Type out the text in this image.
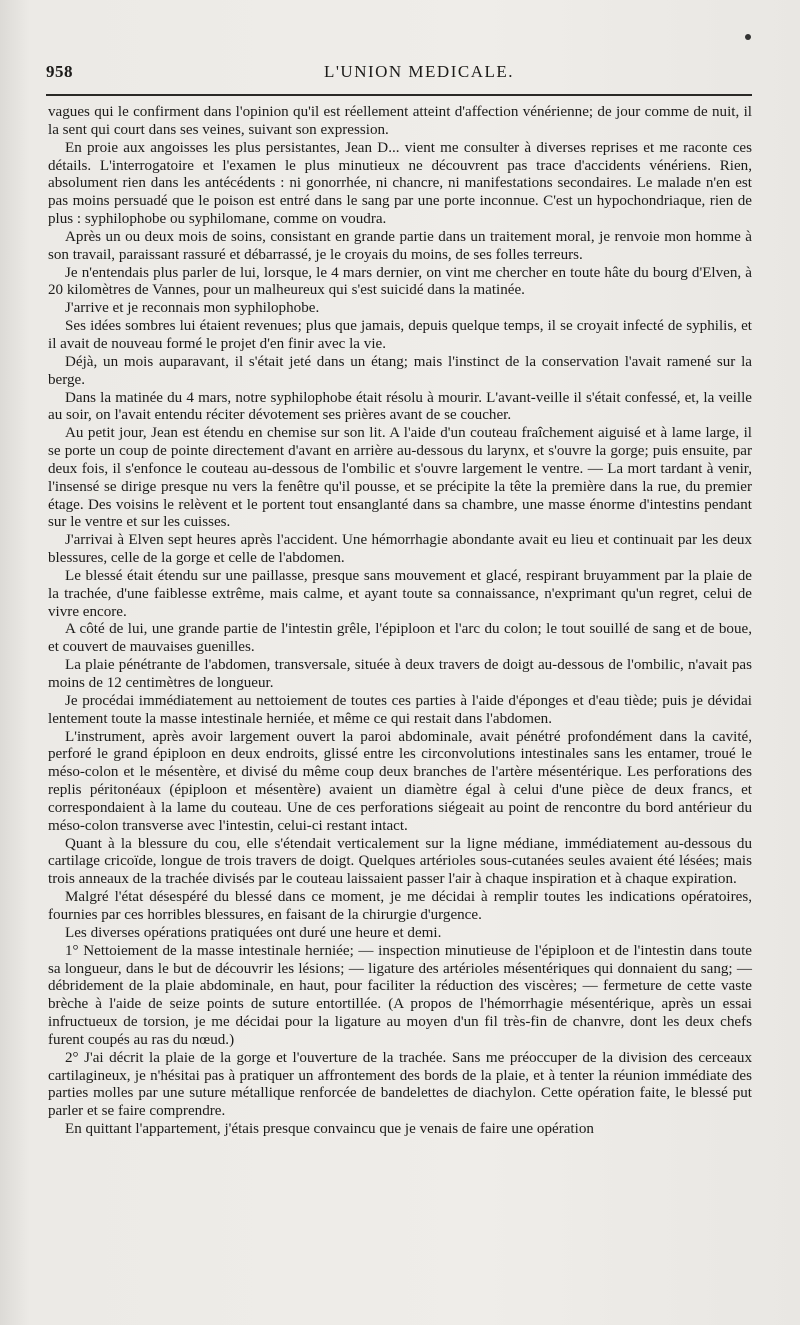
958	L'UNION MEDICALE.

vagues qui le confirment dans l'opinion qu'il est réellement atteint d'affection vénérienne; de jour comme de nuit, il la sent qui court dans ses veines, suivant son expression.

En proie aux angoisses les plus persistantes, Jean D... vient me consulter à diverses reprises et me raconte ces détails. L'interrogatoire et l'examen le plus minutieux ne découvrent pas trace d'accidents vénériens. Rien, absolument rien dans les antécédents : ni gonorrhée, ni chancre, ni manifestations secondaires. Le malade n'en est pas moins persuadé que le poison est entré dans le sang par une porte inconnue. C'est un hypochondriaque, rien de plus : syphilophobe ou syphilomane, comme on voudra.

Après un ou deux mois de soins, consistant en grande partie dans un traitement moral, je renvoie mon homme à son travail, paraissant rassuré et débarrassé, je le croyais du moins, de ses folles terreurs.

Je n'entendais plus parler de lui, lorsque, le 4 mars dernier, on vint me chercher en toute hâte du bourg d'Elven, à 20 kilomètres de Vannes, pour un malheureux qui s'est suicidé dans la matinée.

J'arrive et je reconnais mon syphilophobe.

Ses idées sombres lui étaient revenues; plus que jamais, depuis quelque temps, il se croyait infecté de syphilis, et il avait de nouveau formé le projet d'en finir avec la vie.

Déjà, un mois auparavant, il s'était jeté dans un étang; mais l'instinct de la conservation l'avait ramené sur la berge.

Dans la matinée du 4 mars, notre syphilophobe était résolu à mourir. L'avant-veille il s'était confessé, et, la veille au soir, on l'avait entendu réciter dévotement ses prières avant de se coucher.

Au petit jour, Jean est étendu en chemise sur son lit. A l'aide d'un couteau fraîchement aiguisé et à lame large, il se porte un coup de pointe directement d'avant en arrière au-dessous du larynx, et s'ouvre la gorge; puis ensuite, par deux fois, il s'enfonce le couteau au-dessous de l'ombilic et s'ouvre largement le ventre. — La mort tardant à venir, l'insensé se dirige presque nu vers la fenêtre qu'il pousse, et se précipite la tête la première dans la rue, du premier étage. Des voisins le relèvent et le portent tout ensanglanté dans sa chambre, une masse énorme d'intestins pendant sur le ventre et sur les cuisses.

J'arrivai à Elven sept heures après l'accident. Une hémorrhagie abondante avait eu lieu et continuait par les deux blessures, celle de la gorge et celle de l'abdomen.

Le blessé était étendu sur une paillasse, presque sans mouvement et glacé, respirant bruyamment par la plaie de la trachée, d'une faiblesse extrême, mais calme, et ayant toute sa connaissance, n'exprimant qu'un regret, celui de vivre encore.

A côté de lui, une grande partie de l'intestin grêle, l'épiploon et l'arc du colon; le tout souillé de sang et de boue, et couvert de mauvaises guenilles.

La plaie pénétrante de l'abdomen, transversale, située à deux travers de doigt au-dessous de l'ombilic, n'avait pas moins de 12 centimètres de longueur.

Je procédai immédiatement au nettoiement de toutes ces parties à l'aide d'éponges et d'eau tiède; puis je dévidai lentement toute la masse intestinale herniée, et même ce qui restait dans l'abdomen.

L'instrument, après avoir largement ouvert la paroi abdominale, avait pénétré profondément dans la cavité, perforé le grand épiploon en deux endroits, glissé entre les circonvolutions intestinales sans les entamer, troué le méso-colon et le mésentère, et divisé du même coup deux branches de l'artère mésentérique. Les perforations des replis péritonéaux (épiploon et mésentère) avaient un diamètre égal à celui d'une pièce de deux francs, et correspondaient à la lame du couteau. Une de ces perforations siégeait au point de rencontre du bord antérieur du méso-colon transverse avec l'intestin, celui-ci restant intact.

Quant à la blessure du cou, elle s'étendait verticalement sur la ligne médiane, immédiatement au-dessous du cartilage cricoïde, longue de trois travers de doigt. Quelques artérioles sous-cutanées seules avaient été lésées; mais trois anneaux de la trachée divisés par le couteau laissaient passer l'air à chaque inspiration et à chaque expiration.

Malgré l'état désespéré du blessé dans ce moment, je me décidai à remplir toutes les indications opératoires, fournies par ces horribles blessures, en faisant de la chirurgie d'urgence.

Les diverses opérations pratiquées ont duré une heure et demi.

1° Nettoiement de la masse intestinale herniée; — inspection minutieuse de l'épiploon et de l'intestin dans toute sa longueur, dans le but de découvrir les lésions; — ligature des artérioles mésentériques qui donnaient du sang; — débridement de la plaie abdominale, en haut, pour faciliter la réduction des viscères; — fermeture de cette vaste brèche à l'aide de seize points de suture entortillée. (A propos de l'hémorrhagie mésentérique, après un essai infructueux de torsion, je me décidai pour la ligature au moyen d'un fil très-fin de chanvre, dont les deux chefs furent coupés au ras du nœud.)

2° J'ai décrit la plaie de la gorge et l'ouverture de la trachée. Sans me préoccuper de la division des cerceaux cartilagineux, je n'hésitai pas à pratiquer un affrontement des bords de la plaie, et à tenter la réunion immédiate des parties molles par une suture métallique renforcée de bandelettes de diachylon. Cette opération faite, le blessé put parler et se faire comprendre.

En quittant l'appartement, j'étais presque convaincu que je venais de faire une opération
